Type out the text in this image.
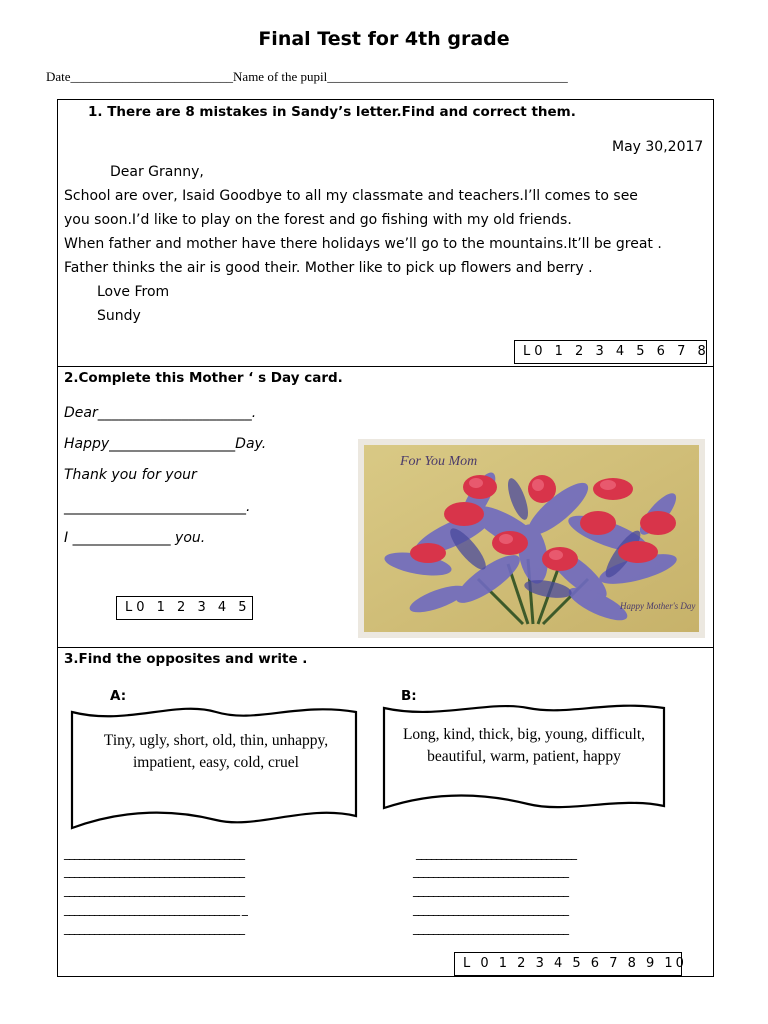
Final Test for 4th grade
Date_________________________Name of the pupil_____________________________________
1. There are 8 mistakes in Sandy’s letter.Find and correct them.
May 30,2017
Dear Granny,
School are over, Isaid Goodbye to all my classmate and teachers.I’ll comes to see
you soon.I’d like to play on the forest and go fishing with my old friends.
When father and mother have there holidays we’ll go to the mountains.It’ll be great .
Father thinks the air is good their. Mother like to pick up flowers and berry .
Love From
Sundy
L0 1 2 3 4 5 6 7 8
2.Complete this Mother ‘ s Day card.
Dear______________________.
Happy__________________Day.
Thank you for your
__________________________.
I ______________ you.
L0 1 2 3 4 5
For You Mom
Happy Mother's Day
3.Find the opposites and write .
A:	B:
Tiny, ugly, short, old, thin, unhappy, impatient, easy, cold, cruel
Long, kind, thick, big, young, difficult, beautiful, warm, patient, happy
____________________________________
____________________________________
____________________________________
___________________________________ _
____________________________________
________________________________
_______________________________
_______________________________
_______________________________
_______________________________
L 0 1 2 3 4 5 6 7 8 9 10
